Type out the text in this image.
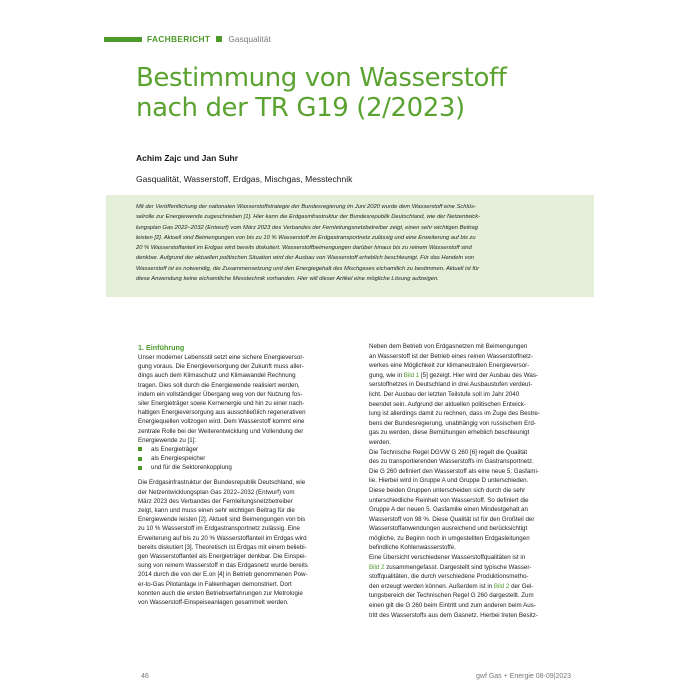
FACHBERICHT Gasqualität
Bestimmung von Wasserstoff
nach der TR G19 (2/2023)
Achim Zajc und Jan Suhr
Gasqualität, Wasserstoff, Erdgas, Mischgas, Messtechnik

Mit der Veröffentlichung der nationalen Wasserstoffstrategie der Bundesregierung im Juni 2020 wurde dem Wasserstoff eine Schlüs-

selrolle zur Energiewende zugeschrieben [1]. Hier kann die Erdgasinfrastruktur der Bundesrepublik Deutschland, wie der Netzentwick-

lungsplan Gas 2022–2032 (Entwurf) vom März 2023 des Verbandes der Fernleitungsnetzbetreiber zeigt, einen sehr wichtigen Beitrag

leisten [2]. Aktuell sind Beimengungen von bis zu 10 % Wasserstoff im Erdgastransportnetz zulässig und eine Erweiterung auf bis zu

20 % Wasserstoffanteil im Erdgas wird bereits diskutiert. Wasserstoffbeimengungen darüber hinaus bis zu reinem Wasserstoff sind

denkbar. Aufgrund der aktuellen politischen Situation wird der Ausbau von Wasserstoff erheblich beschleunigt. Für das Handeln von

Wasserstoff ist es notwendig, die Zusammensetzung und den Energiegehalt des Mischgases eichamtlich zu bestimmen. Aktuell ist für

diese Anwendung keine eichamtliche Messtechnik vorhanden. Hier will dieser Artikel eine mögliche Lösung aufzeigen.

1. Einführung
Unser moderner Lebensstil setzt eine sichere Energieversor-
gung voraus. Die Energieversorgung der Zukunft muss aller-
dings auch dem Klimaschutz und Klimawandel Rechnung
tragen. Dies soll durch die Energiewende realisiert werden,
indem ein vollständiger Übergang weg von der Nutzung fos-
siler Energieträger sowie Kernenergie und hin zu einer nach-
haltigen Energieversorgung aus ausschließlich regenerativen
Energiequellen vollzogen wird. Dem Wasserstoff kommt eine
zentrale Rolle bei der Weiterentwicklung und Vollendung der
Energiewende zu [1]:
als Energieträger
als Energiespeicher
und für die Sektorenkopplung
Die Erdgasinfrastruktur der Bundesrepublik Deutschland, wie
der Netzentwicklungsplan Gas 2022–2032 (Entwurf) vom
März 2023 des Verbandes der Fernleitungsnetzbetreiber
zeigt, kann und muss einen sehr wichtigen Beitrag für die
Energiewende leisten [2]. Aktuell sind Beimengungen von bis
zu 10 % Wasserstoff im Erdgastransportnetz zulässig. Eine
Erweiterung auf bis zu 20 % Wasserstoffanteil im Erdgas wird
bereits diskutiert [3]. Theoretisch ist Erdgas mit einem beliebi-
gen Wasserstoffanteil als Energieträger denkbar. Die Einspei-
sung von reinem Wasserstoff in das Erdgasnetz wurde bereits
2014 durch die von der E.on [4] in Betrieb genommenen Pow-
er-to-Gas Pilotanlage in Falkenhagen demonstriert. Dort
konnten auch die ersten Betriebserfahrungen zur Metrologie
von Wasserstoff-Einspeiseanlagen gesammelt werden.
Neben dem Betrieb von Erdgasnetzen mit Beimengungen
an Wasserstoff ist der Betrieb eines reinen Wasserstoffnetz-
werkes eine Möglichkeit zur klimaneutralen Energieversor-
gung, wie in Bild 1 [5] gezeigt. Hier wird der Ausbau des Was-
serstoffnetzes in Deutschland in drei Ausbaustufen verdeut-
licht. Der Ausbau der letzten Teilstufe soll im Jahr 2040
beendet sein. Aufgrund der aktuellen politischen Entwick-
lung ist allerdings damit zu rechnen, dass im Zuge des Bestre-
bens der Bundesregierung, unabhängig von russischem Erd-
gas zu werden, diese Bemühungen erheblich beschleunigt
werden.
Die Technische Regel DGVW G 260 [6] regelt die Qualität
des zu transportierenden Wasserstoffs im Gastransportnetz.
Die G 260 definiert den Wasserstoff als eine neue 5. Gasfami-
lie. Hierbei wird in Gruppe A und Gruppe D unterschieden.
Diese beiden Gruppen unterscheiden sich durch die sehr
unterschiedliche Reinheit von Wasserstoff. So definiert die
Gruppe A der neuen 5. Gasfamilie einen Mindestgehalt an
Wasserstoff von 98 %. Diese Qualität ist für den Großteil der
Wasserstoffanwendungen ausreichend und berücksichtigt
mögliche, zu Beginn noch in umgestellten Erdgasleitungen
befindliche Kohlenwasserstoffe.
Eine Übersicht verschiedener Wasserstoffqualitäten ist in
Bild 2 zusammengefasst. Dargestellt sind typische Wasser-
stoffqualitäten, die durch verschiedene Produktionsmetho-
den erzeugt werden können. Außerdem ist in Bild 2 der Gel-
tungsbereich der Technischen Regel G 260 dargestellt. Zum
einen gilt die G 260 beim Eintritt und zum anderen beim Aus-
tritt des Wasserstoffs aus dem Gasnetz. Hierbei treten Besitz-
46	gwf Gas + Energie 08-09|2023
